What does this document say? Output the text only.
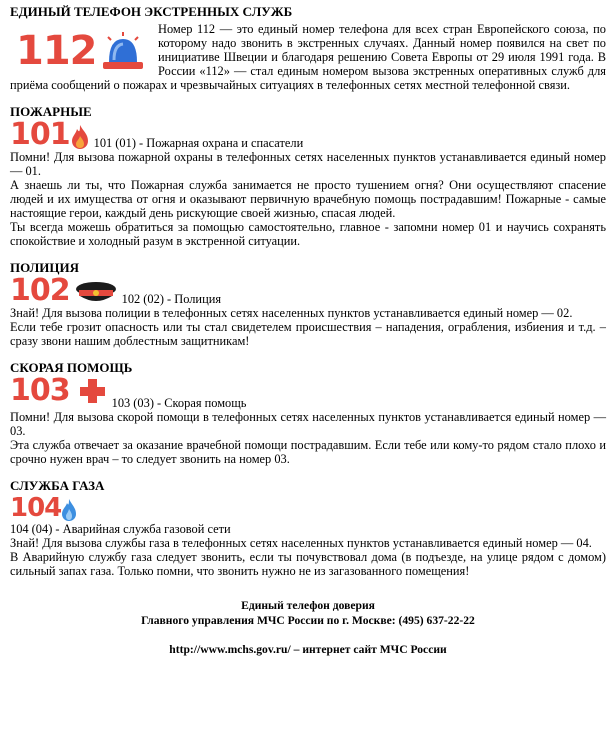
ЕДИНЫЙ ТЕЛЕФОН ЭКСТРЕННЫХ СЛУЖБ
112	Номер 112 — это единый номер телефона для всех стран Европейского союза, по которому надо звонить в экстренных случаях. Данный номер появился на свет по инициативе Швеции и благодаря решению Совета Европы от 29 июля 1991 года. В России «112» — стал единым номером вызова экстренных оперативных служб для приёма сообщений о пожарах и чрезвычайных ситуациях в телефонных сетях местной телефонной связи.

ПОЖАРНЫЕ
101 101 (01) - Пожарная охрана и спасатели

Помни! Для вызова пожарной охраны в телефонных сетях населенных пунктов устанавливается единый номер — 01.

А знаешь ли ты, что Пожарная служба занимается не просто тушением огня? Они осуществляют спасение людей и их имущества от огня и оказывают первичную врачебную помощь пострадавшим! Пожарные - самые настоящие герои, каждый день рискующие своей жизнью, спасая людей.

Ты всегда можешь обратиться за помощью самостоятельно, главное - запомни номер 01 и научись сохранять спокойствие и холодный разум в экстренной ситуации.

ПОЛИЦИЯ
102	102 (02) - Полиция

Знай! Для вызова полиции в телефонных сетях населенных пунктов устанавливается единый номер — 02.

Если тебе грозит опасность или ты стал свидетелем происшествия – нападения, ограбления, избиения и т.д. – сразу звони нашим доблестным защитникам!

СКОРАЯ ПОМОЩЬ
103	103 (03) - Скорая помощь

Помни! Для вызова скорой помощи в телефонных сетях населенных пунктов устанавливается единый номер — 03.

Эта служба отвечает за оказание врачебной помощи пострадавшим. Если тебе или кому-то рядом стало плохо и срочно нужен врач – то следует звонить на номер 03.

СЛУЖБА ГАЗА
104
104 (04) - Аварийная служба газовой сети

Знай! Для вызова службы газа в телефонных сетях населенных пунктов устанавливается единый номер — 04.

В Аварийную службу газа следует звонить, если ты почувствовал дома (в подъезде, на улице рядом с домом) сильный запах газа. Только помни, что звонить нужно не из загазованного помещения!

Единый телефон доверия
Главного управления МЧС России по г. Москве: (495) 637-22-22
http://www.mchs.gov.ru/ – интернет сайт МЧС России
